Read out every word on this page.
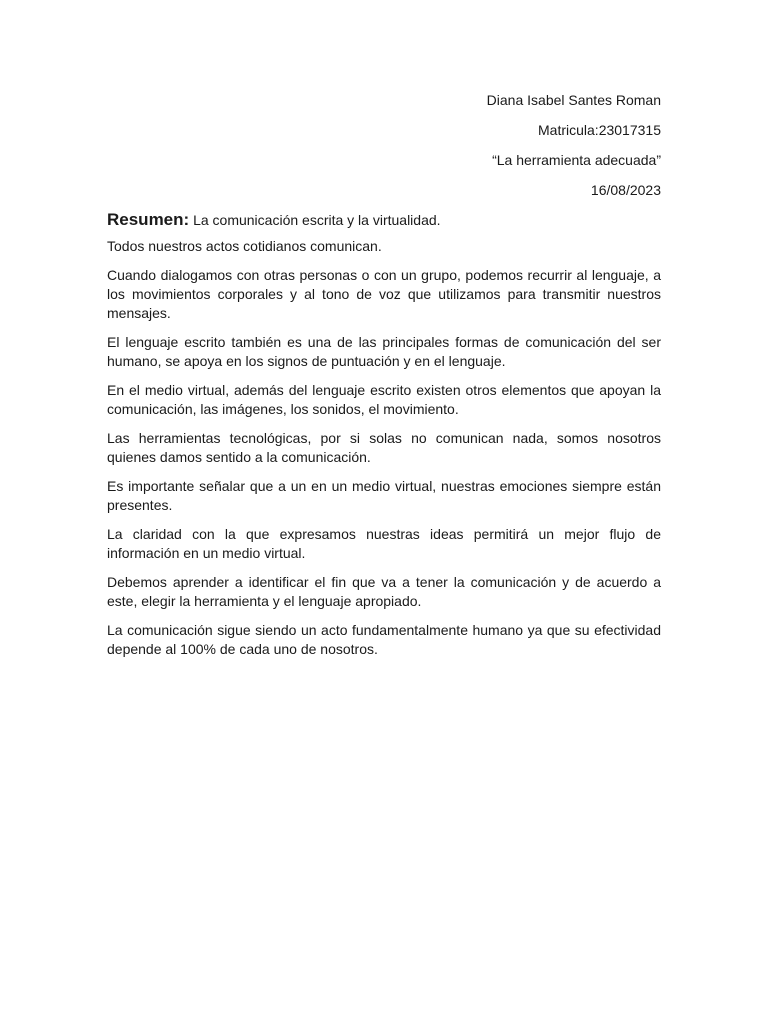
Diana Isabel Santes Roman
Matricula:23017315
“La herramienta adecuada”
16/08/2023

Resumen: La comunicación escrita y la virtualidad.

Todos nuestros actos cotidianos comunican.

Cuando dialogamos con otras personas o con un grupo, podemos recurrir al lenguaje, a los movimientos corporales y al tono de voz que utilizamos para transmitir nuestros mensajes.

El lenguaje escrito también es una de las principales formas de comunicación del ser humano, se apoya en los signos de puntuación y en el lenguaje.

En el medio virtual, además del lenguaje escrito existen otros elementos que apoyan la comunicación, las imágenes, los sonidos, el movimiento.

Las herramientas tecnológicas, por si solas no comunican nada, somos nosotros quienes damos sentido a la comunicación.

Es importante señalar que a un en un medio virtual, nuestras emociones siempre están presentes.

La claridad con la que expresamos nuestras ideas permitirá un mejor flujo de información en un medio virtual.

Debemos aprender a identificar el fin que va a tener la comunicación y de acuerdo a este, elegir la herramienta y el lenguaje apropiado.

La comunicación sigue siendo un acto fundamentalmente humano ya que su efectividad depende al 100% de cada uno de nosotros.
